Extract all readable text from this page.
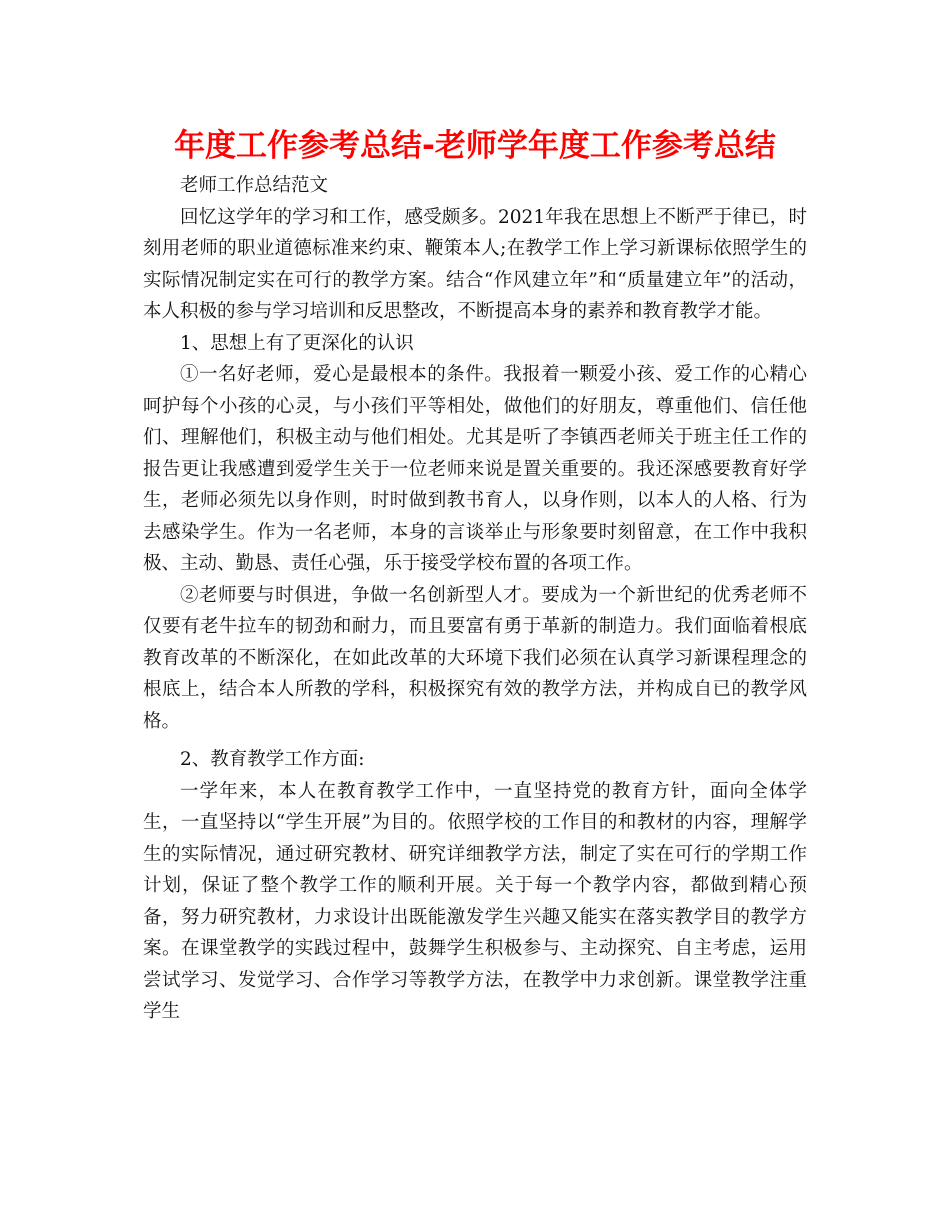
年度工作参考总结-老师学年度工作参考总结

老师工作总结范文

回忆这学年的学习和工作，感受颇多。2021年我在思想上不断严于律已，时刻用老师的职业道德标准来约束、鞭策本人;在教学工作上学习新课标依照学生的实际情况制定实在可行的教学方案。结合“作风建立年”和“质量建立年”的活动，本人积极的参与学习培训和反思整改，不断提高本身的素养和教育教学才能。

1、思想上有了更深化的认识

①一名好老师，爱心是最根本的条件。我报着一颗爱小孩、爱工作的心精心呵护每个小孩的心灵，与小孩们平等相处，做他们的好朋友，尊重他们、信任他们、理解他们，积极主动与他们相处。尤其是听了李镇西老师关于班主任工作的报告更让我感遭到爱学生关于一位老师来说是置关重要的。我还深感要教育好学生，老师必须先以身作则，时时做到教书育人，以身作则，以本人的人格、行为去感染学生。作为一名老师，本身的言谈举止与形象要时刻留意，在工作中我积极、主动、勤恳、责任心强，乐于接受学校布置的各项工作。

②老师要与时俱进，争做一名创新型人才。要成为一个新世纪的优秀老师不仅要有老牛拉车的韧劲和耐力，而且要富有勇于革新的制造力。我们面临着根底教育改革的不断深化，在如此改革的大环境下我们必须在认真学习新课程理念的根底上，结合本人所教的学科，积极探究有效的教学方法，并构成自已的教学风格。

2、教育教学工作方面:

一学年来，本人在教育教学工作中，一直坚持党的教育方针，面向全体学生，一直坚持以“学生开展”为目的。依照学校的工作目的和教材的内容，理解学生的实际情况，通过研究教材、研究详细教学方法，制定了实在可行的学期工作计划，保证了整个教学工作的顺利开展。关于每一个教学内容，都做到精心预备，努力研究教材，力求设计出既能激发学生兴趣又能实在落实教学目的教学方案。在课堂教学的实践过程中，鼓舞学生积极参与、主动探究、自主考虑，运用尝试学习、发觉学习、合作学习等教学方法，在教学中力求创新。课堂教学注重学生
